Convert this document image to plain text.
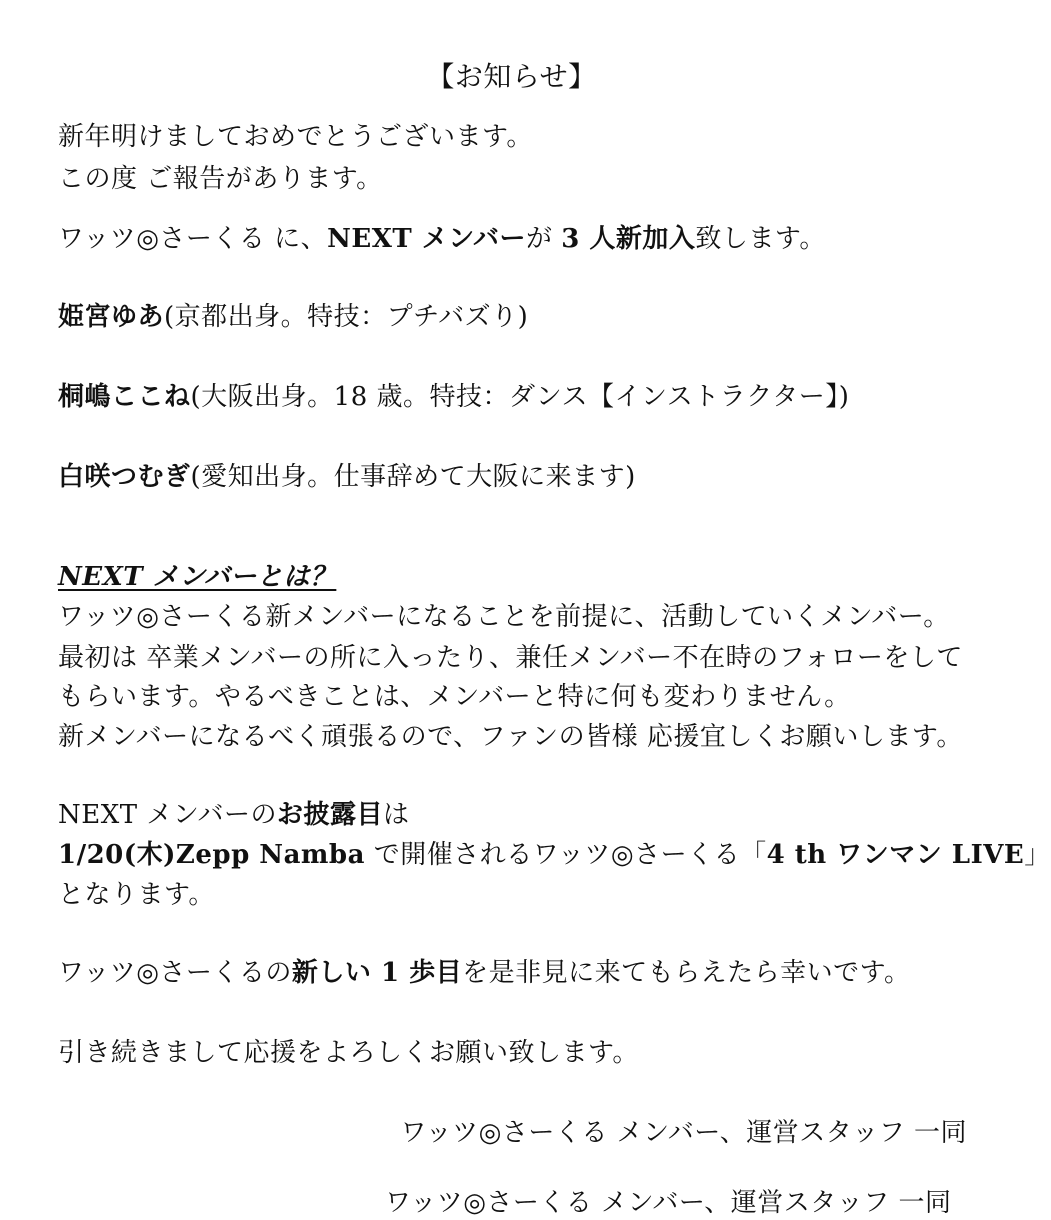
【お知らせ】
新年明けましておめでとうございます。
この度 ご報告があります。
ワッツ◎さーくる に、NEXT メンバーが 3 人新加入致します。
姫宮ゆあ(京都出身。特技：プチバズり)
桐嶋ここね(大阪出身。18 歳。特技：ダンス【インストラクター】)
白咲つむぎ(愛知出身。仕事辞めて大阪に来ます)
NEXT メンバーとは？
ワッツ◎さーくる新メンバーになることを前提に、活動していくメンバー。
最初は 卒業メンバーの所に入ったり、兼任メンバー不在時のフォローをして
もらいます。やるべきことは、メンバーと特に何も変わりません。
新メンバーになるべく頑張るので、ファンの皆様 応援宜しくお願いします。
NEXT メンバーのお披露目は
1/20(木)Zepp Namba で開催されるワッツ◎さーくる「4 th ワンマン LIVE」
となります。
ワッツ◎さーくるの新しい 1 歩目を是非見に来てもらえたら幸いです。
引き続きまして応援をよろしくお願い致します。
ワッツ◎さーくる メンバー、運営スタッフ 一同
ワッツ◎さーくる メンバー、運営スタッフ 一同
